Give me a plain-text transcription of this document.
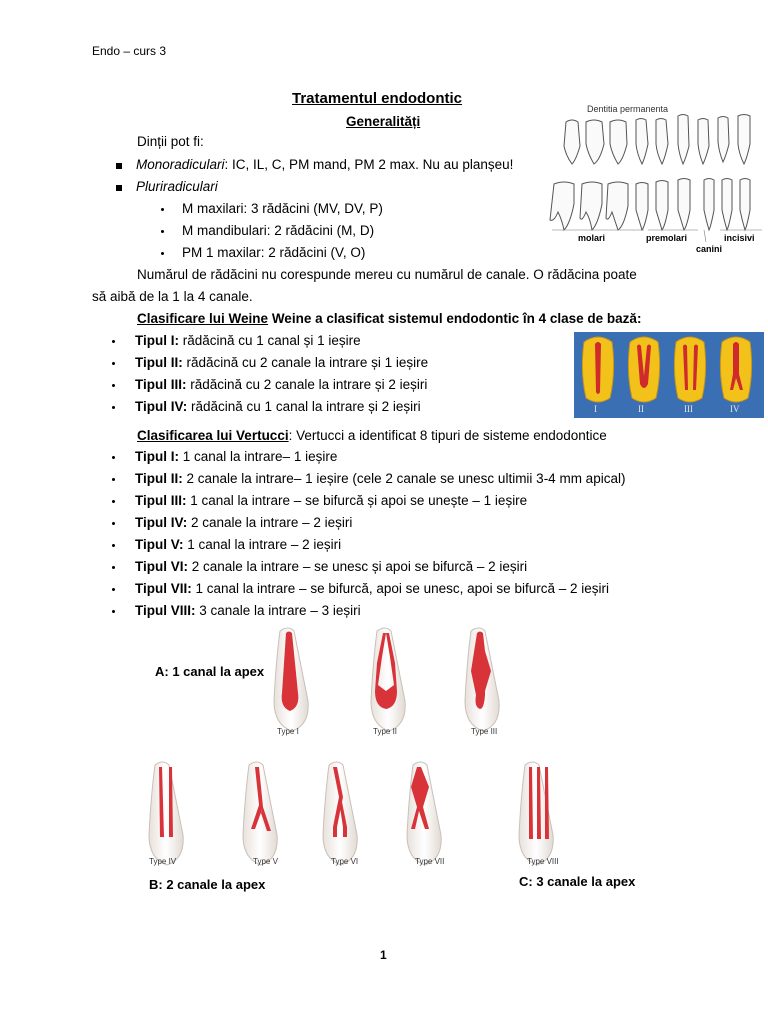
Endo – curs 3
Tratamentul endodontic
Generalități
Dinții pot fi:
Monoradiculari: IC, IL, C, PM mand, PM 2 max. Nu au planșeu!
Pluriradiculari
M maxilari: 3 rădăcini (MV, DV, P)
M mandibulari: 2 rădăcini (M, D)
PM 1 maxilar: 2 rădăcini (V, O)
Numărul de rădăcini nu corespunde mereu cu numărul de canale. O rădăcina poate
să aibă de la 1 la 4 canale.
Clasificare lui Weine Weine a clasificat sistemul endodontic în 4 clase de bază:
Tipul I: rădăcină cu 1 canal și 1 ieșire
Tipul II: rădăcină cu 2 canale la intrare și 1 ieșire
Tipul III: rădăcină cu 2 canale la intrare și 2 ieșiri
Tipul IV: rădăcină cu 1 canal la intrare și 2 ieșiri
Clasificarea lui Vertucci: Vertucci a identificat 8 tipuri de sisteme endodontice
Tipul I: 1 canal la intrare– 1 ieșire
Tipul II: 2 canale la intrare– 1 ieșire (cele 2 canale se unesc ultimii 3-4 mm apical)
Tipul III: 1 canal la intrare – se bifurcă și apoi se unește – 1 ieșire
Tipul IV: 2 canale la intrare – 2 ieșiri
Tipul V: 1 canal la intrare – 2 ieșiri
Tipul VI: 2 canale la intrare – se unesc și apoi se bifurcă – 2 ieșiri
Tipul VII: 1 canal la intrare – se bifurcă, apoi se unesc, apoi se bifurcă – 2 ieșiri
Tipul VIII: 3 canale la intrare – 3 ieșiri
Dentitia permanenta
molari	premolari
canini
incisivi
I	II	III	IV
Type I	Type II	Type III
Type IV	Type V	Type VI	Type VII	Type VIII
A: 1 canal la apex
B: 2 canale la apex	C: 3 canale la apex
1
